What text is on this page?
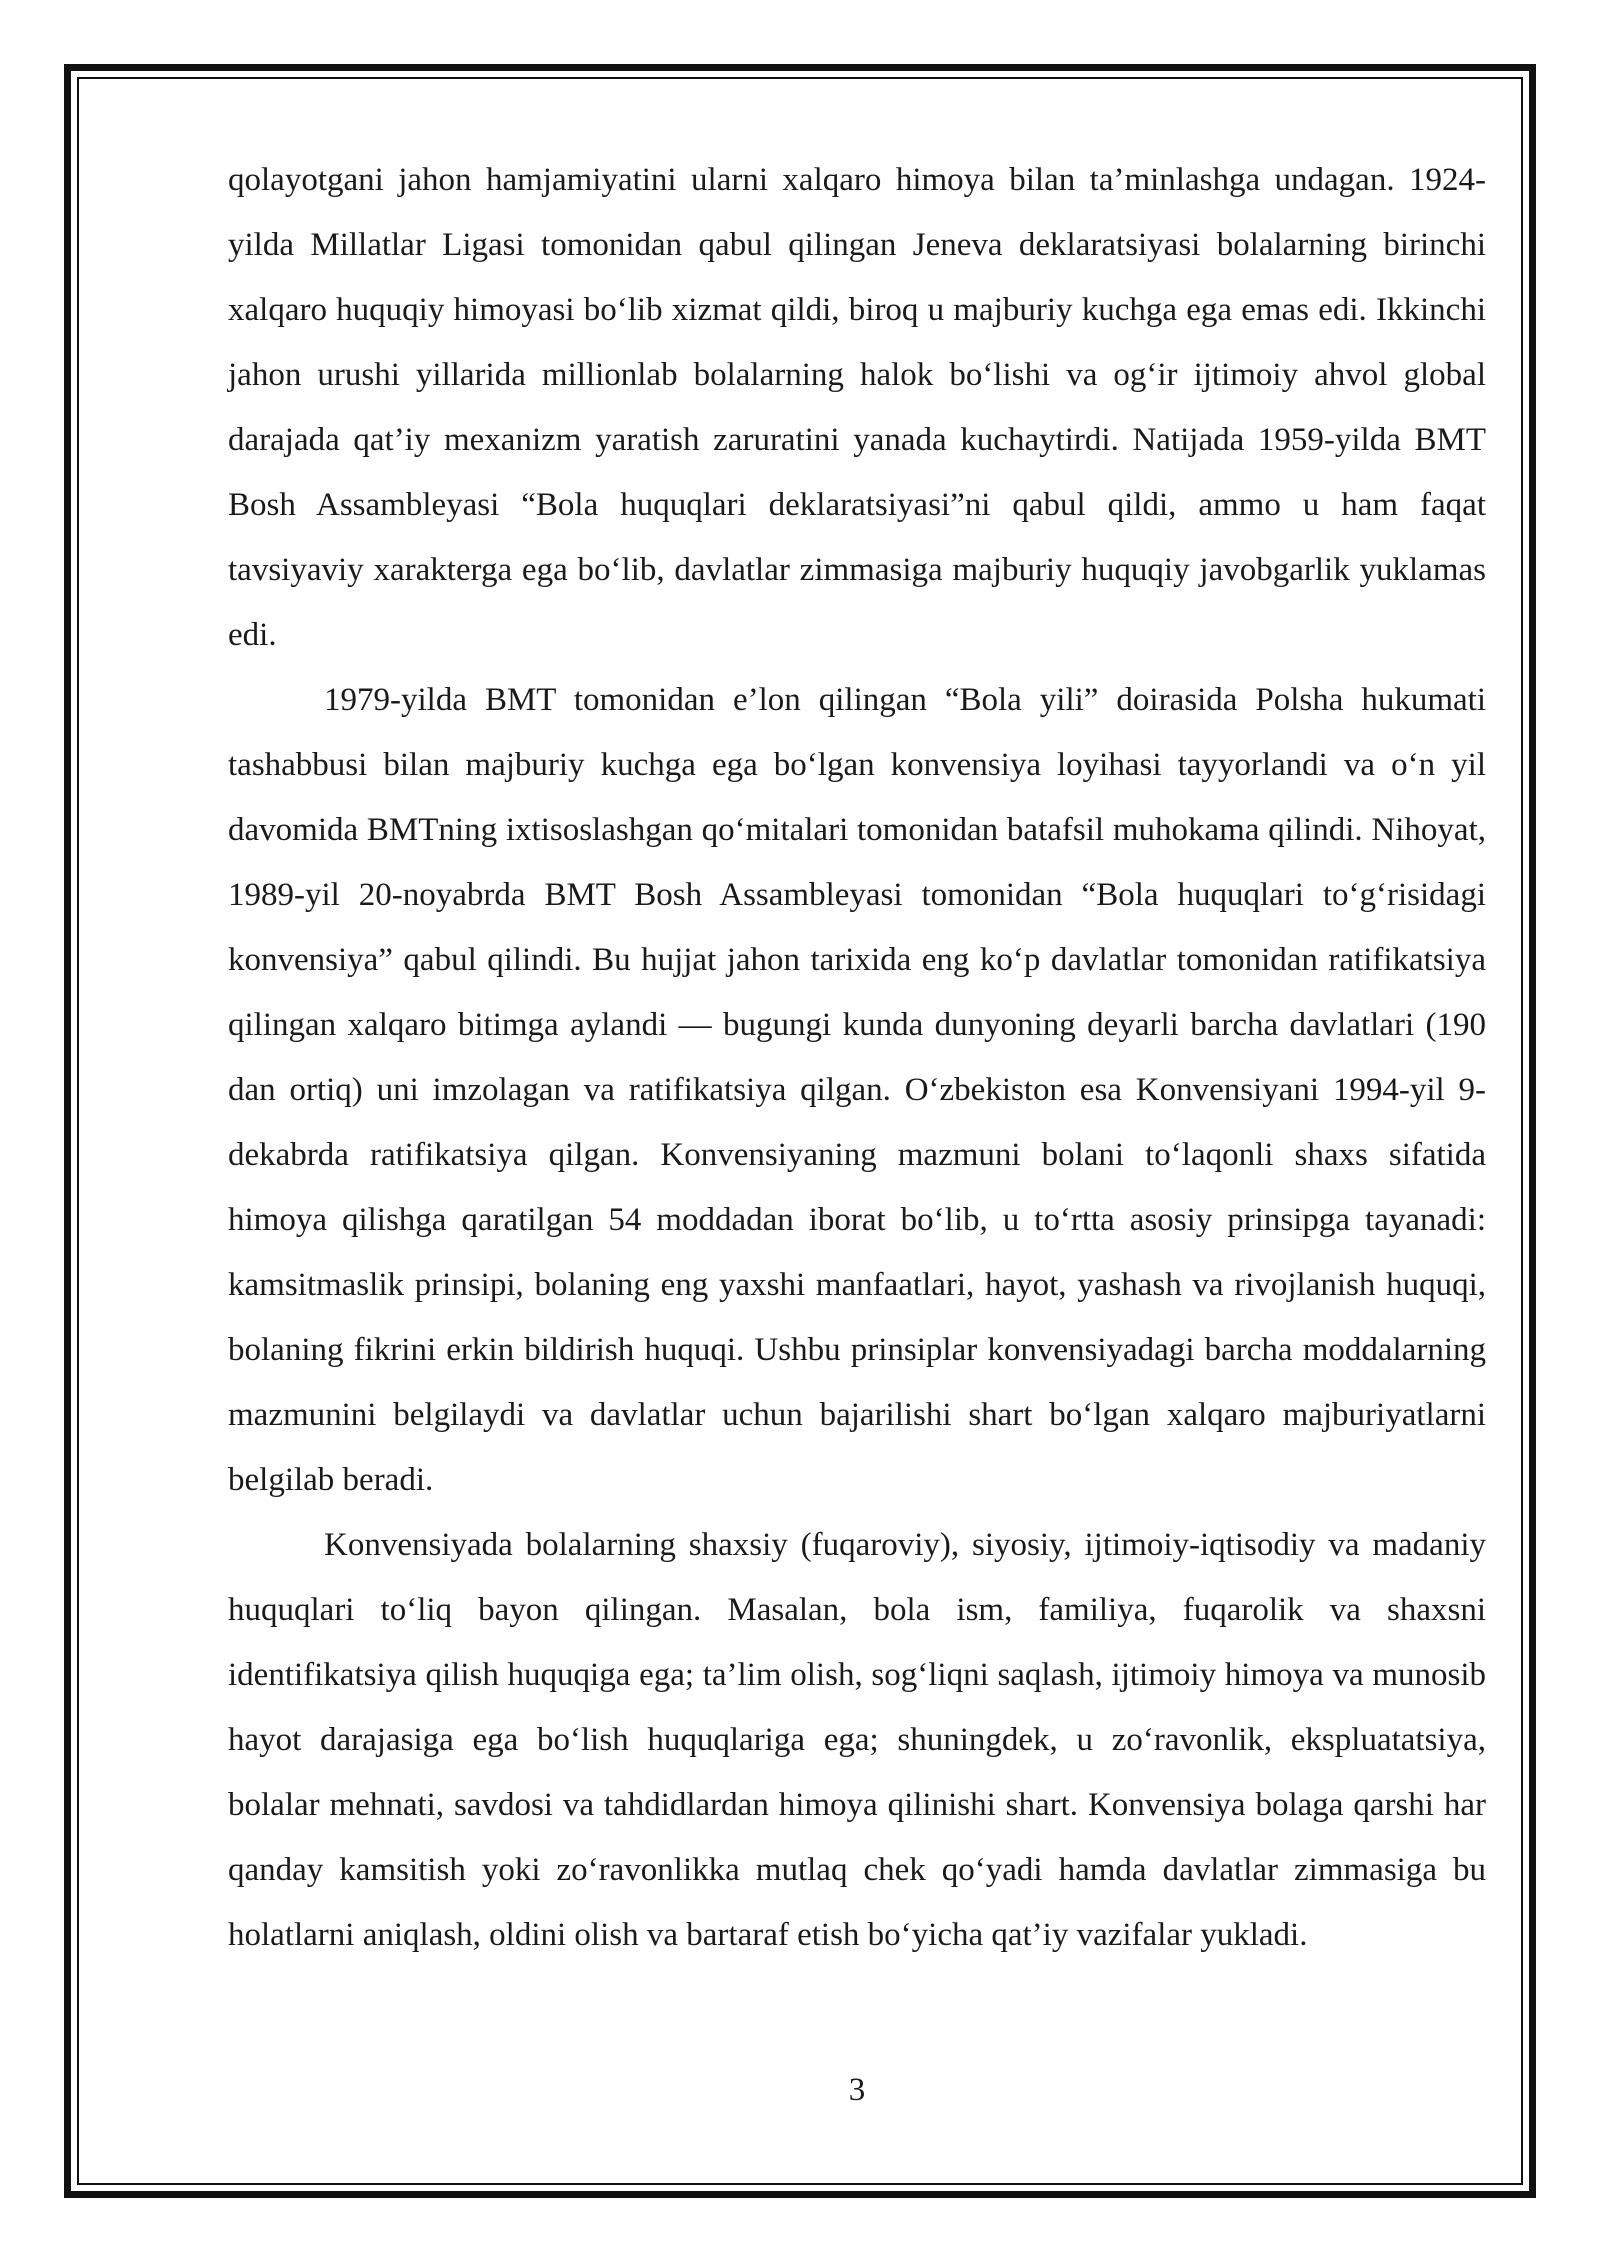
qolayotgani jahon hamjamiyatini ularni xalqaro himoya bilan ta’minlashga undagan. 1924-yilda Millatlar Ligasi tomonidan qabul qilingan Jeneva deklaratsiyasi bolalarning birinchi xalqaro huquqiy himoyasi bo‘lib xizmat qildi, biroq u majburiy kuchga ega emas edi. Ikkinchi jahon urushi yillarida millionlab bolalarning halok bo‘lishi va og‘ir ijtimoiy ahvol global darajada qat’iy mexanizm yaratish zaruratini yanada kuchaytirdi. Natijada 1959-yilda BMT Bosh Assambleyasi “Bola huquqlari deklaratsiyasi”ni qabul qildi, ammo u ham faqat tavsiyaviy xarakterga ega bo‘lib, davlatlar zimmasiga majburiy huquqiy javobgarlik yuklamas edi.

1979-yilda BMT tomonidan e’lon qilingan “Bola yili” doirasida Polsha hukumati tashabbusi bilan majburiy kuchga ega bo‘lgan konvensiya loyihasi tayyorlandi va o‘n yil davomida BMTning ixtisoslashgan qo‘mitalari tomonidan batafsil muhokama qilindi. Nihoyat, 1989-yil 20-noyabrda BMT Bosh Assambleyasi tomonidan “Bola huquqlari to‘g‘risidagi konvensiya” qabul qilindi. Bu hujjat jahon tarixida eng ko‘p davlatlar tomonidan ratifikatsiya qilingan xalqaro bitimga aylandi — bugungi kunda dunyoning deyarli barcha davlatlari (190 dan ortiq) uni imzolagan va ratifikatsiya qilgan. O‘zbekiston esa Konvensiyani 1994-yil 9-dekabrda ratifikatsiya qilgan. Konvensiyaning mazmuni bolani to‘laqonli shaxs sifatida himoya qilishga qaratilgan 54 moddadan iborat bo‘lib, u to‘rtta asosiy prinsipga tayanadi: kamsitmaslik prinsipi, bolaning eng yaxshi manfaatlari, hayot, yashash va rivojlanish huquqi, bolaning fikrini erkin bildirish huquqi. Ushbu prinsiplar konvensiyadagi barcha moddalarning mazmunini belgilaydi va davlatlar uchun bajarilishi shart bo‘lgan xalqaro majburiyatlarni belgilab beradi.

Konvensiyada bolalarning shaxsiy (fuqaroviy), siyosiy, ijtimoiy-iqtisodiy va madaniy huquqlari to‘liq bayon qilingan. Masalan, bola ism, familiya, fuqarolik va shaxsni identifikatsiya qilish huquqiga ega; ta’lim olish, sog‘liqni saqlash, ijtimoiy himoya va munosib hayot darajasiga ega bo‘lish huquqlariga ega; shuningdek, u zo‘ravonlik, ekspluatatsiya, bolalar mehnati, savdosi va tahdidlardan himoya qilinishi shart. Konvensiya bolaga qarshi har qanday kamsitish yoki zo‘ravonlikka mutlaq chek qo‘yadi hamda davlatlar zimmasiga bu holatlarni aniqlash, oldini olish va bartaraf etish bo‘yicha qat’iy vazifalar yukladi.

3
